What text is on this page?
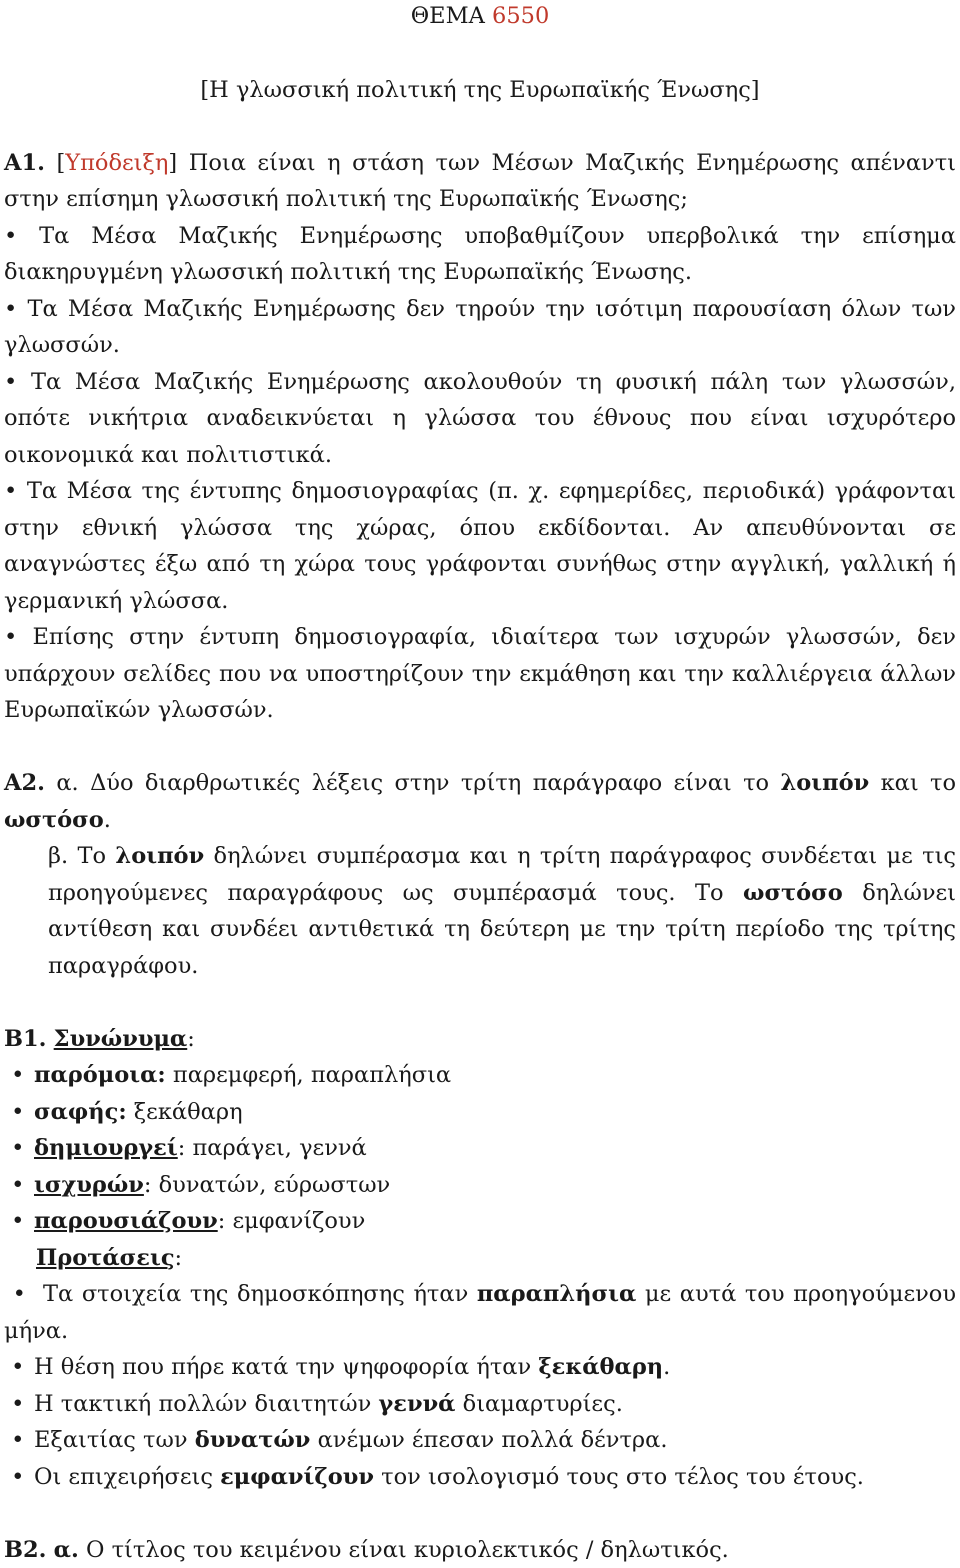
ΘΕΜΑ 6550
[Η γλωσσική πολιτική της Ευρωπαϊκής Ένωσης]

Α1. [Υπόδειξη] Ποια είναι η στάση των Μέσων Μαζικής Ενημέρωσης απέναντι στην επίσημη γλωσσική πολιτική της Ευρωπαϊκής Ένωσης;

• Τα Μέσα Μαζικής Ενημέρωσης υποβαθμίζουν υπερβολικά την επίσημα διακηρυγμένη γλωσσική πολιτική της Ευρωπαϊκής Ένωσης.

• Τα Μέσα Μαζικής Ενημέρωσης δεν τηρούν την ισότιμη παρουσίαση όλων των γλωσσών.

• Τα Μέσα Μαζικής Ενημέρωσης ακολουθούν τη φυσική πάλη των γλωσσών, οπότε νικήτρια αναδεικνύεται η γλώσσα του έθνους που είναι ισχυρότερο οικονομικά και πολιτιστικά.

• Τα Μέσα της έντυπης δημοσιογραφίας (π. χ. εφημερίδες, περιοδικά) γράφονται στην εθνική γλώσσα της χώρας, όπου εκδίδονται. Αν απευθύνονται σε αναγνώστες έξω από τη χώρα τους γράφονται συνήθως στην αγγλική, γαλλική ή γερμανική γλώσσα.

• Επίσης στην έντυπη δημοσιογραφία, ιδιαίτερα των ισχυρών γλωσσών, δεν υπάρχουν σελίδες που να υποστηρίζουν την εκμάθηση και την καλλιέργεια άλλων Ευρωπαϊκών γλωσσών.

Α2. α. Δύο διαρθρωτικές λέξεις στην τρίτη παράγραφο είναι το λοιπόν και το ωστόσο.

β. Το λοιπόν δηλώνει συμπέρασμα και η τρίτη παράγραφος συνδέεται με τις προηγούμενες παραγράφους ως συμπέρασμά τους. Το ωστόσο δηλώνει αντίθεση και συνδέει αντιθετικά τη δεύτερη με την τρίτη περίοδο της τρίτης παραγράφου.

Β1. Συνώνυμα:

• παρόμοια: παρεμφερή, παραπλήσια
• σαφής: ξεκάθαρη
• δημιουργεί: παράγει, γεννά
• ισχυρών: δυνατών, εύρωστων
• παρουσιάζουν: εμφανίζουν

Προτάσεις:

•  Τα στοιχεία της δημοσκόπησης ήταν παραπλήσια με αυτά του προηγούμενου μήνα.

• Η θέση που πήρε κατά την ψηφοφορία ήταν ξεκάθαρη.
• Η τακτική πολλών διαιτητών γεννά διαμαρτυρίες.
• Εξαιτίας των δυνατών ανέμων έπεσαν πολλά δέντρα.
• Οι επιχειρήσεις εμφανίζουν τον ισολογισμό τους στο τέλος του έτους.

Β2. α. Ο τίτλος του κειμένου είναι κυριολεκτικός / δηλωτικός.
